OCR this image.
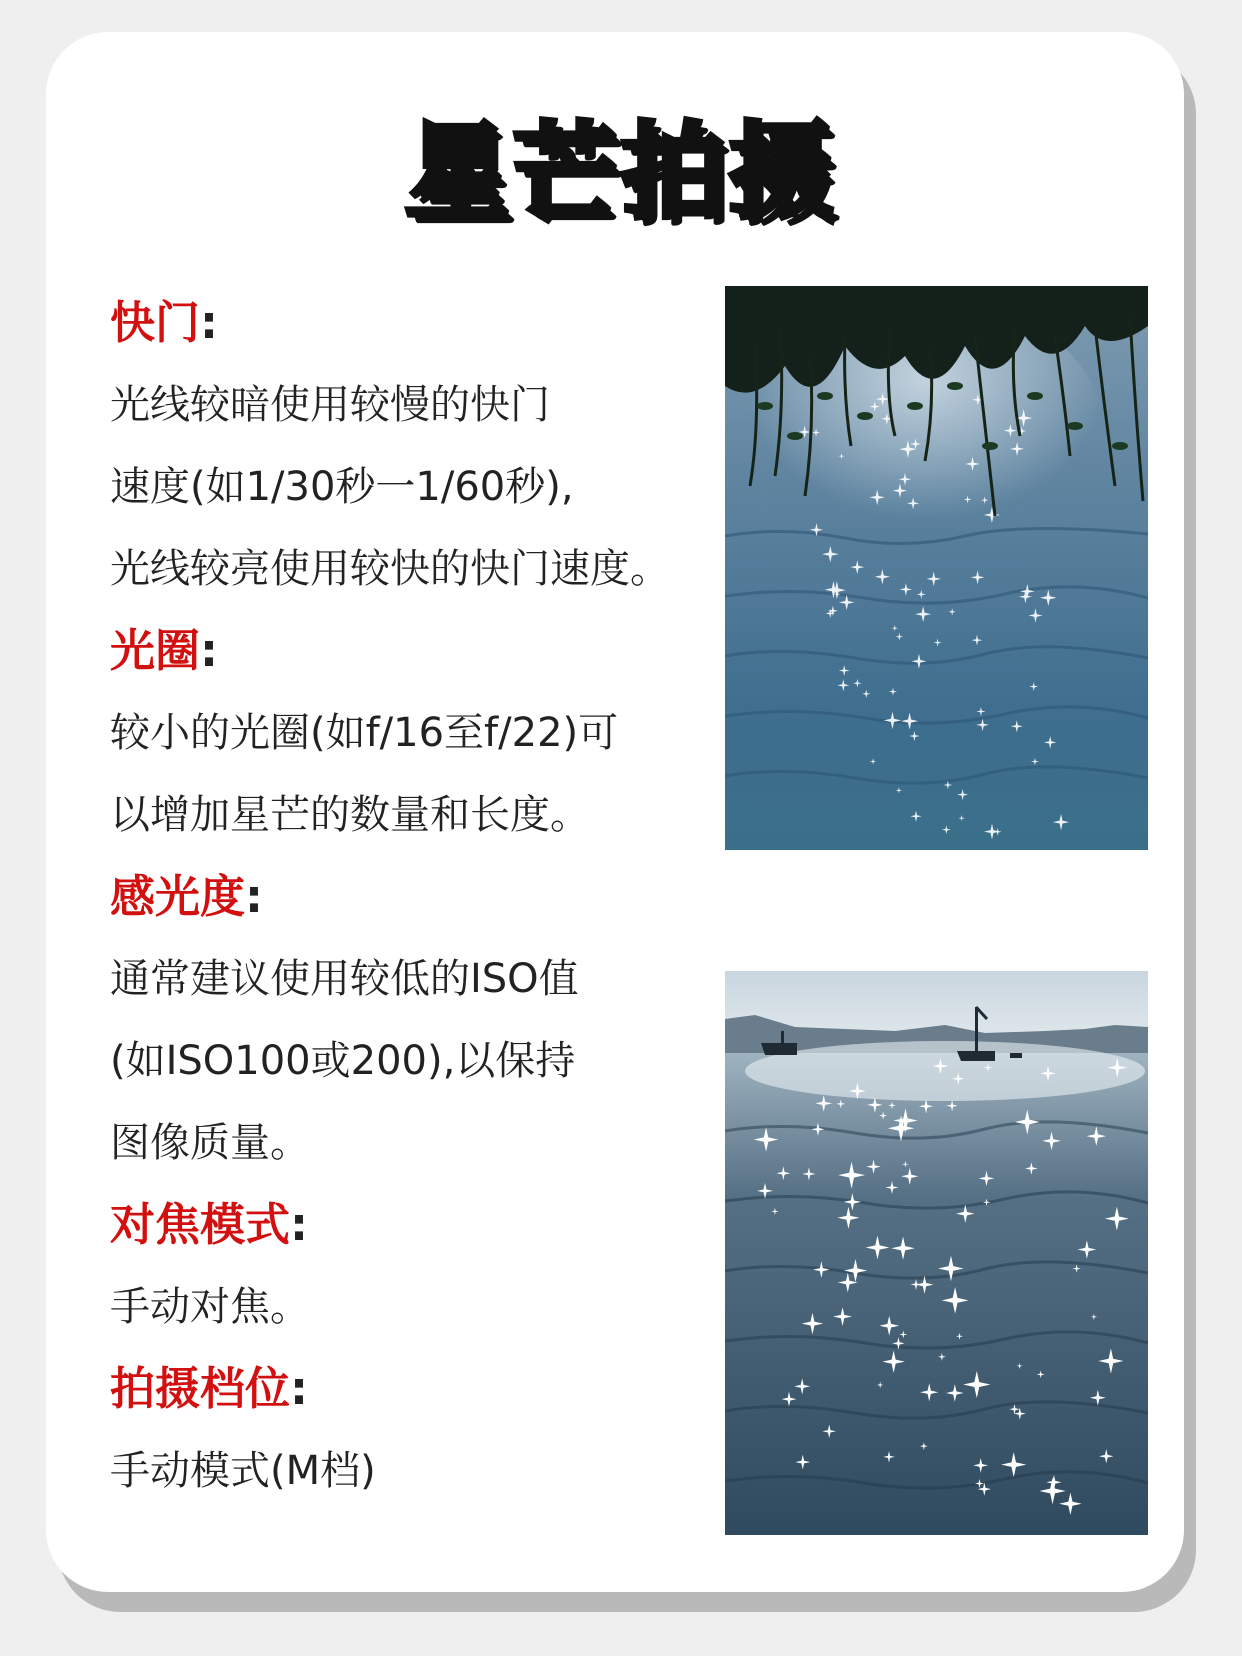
星芒拍摄
快门:
光线较暗使用较慢的快门
速度(如1/30秒一1/60秒),
光线较亮使用较快的快门速度。
光圈:
较小的光圈(如f/16至f/22)可
以增加星芒的数量和长度。
感光度:
通常建议使用较低的ISO值
(如ISO100或200),以保持
图像质量。
对焦模式:
手动对焦。
拍摄档位:
手动模式(M档)
